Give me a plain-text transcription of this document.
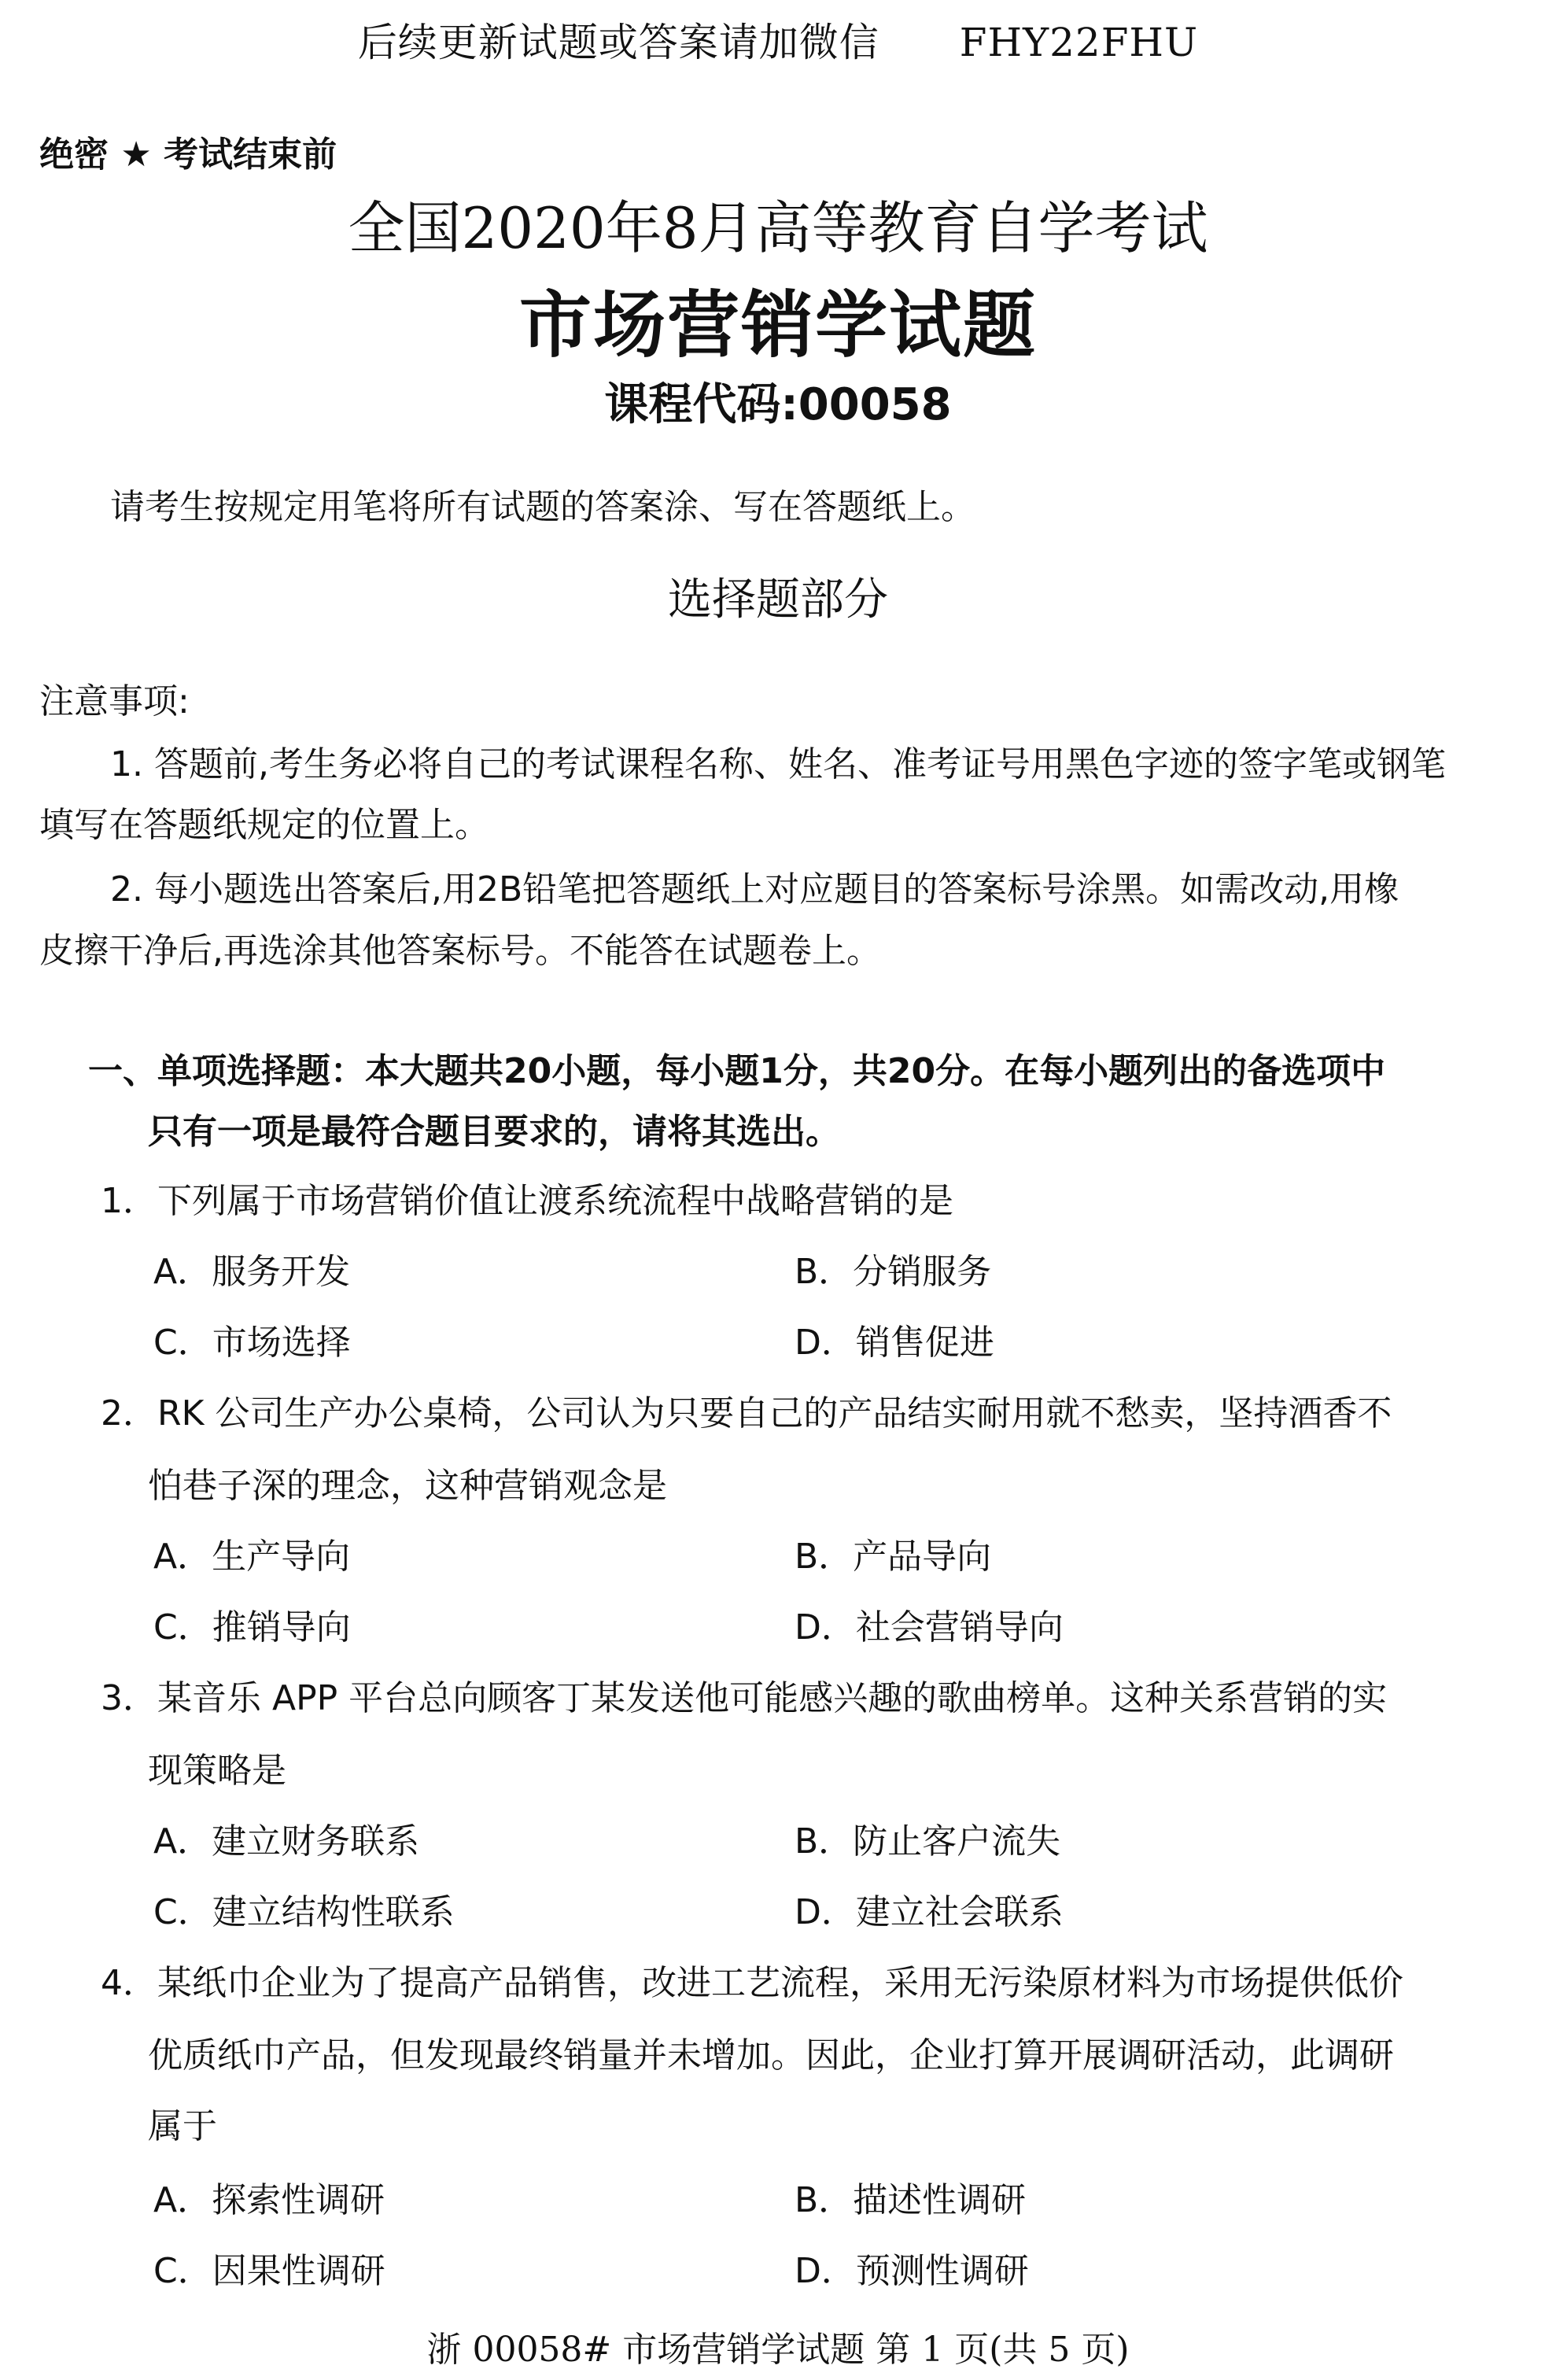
后续更新试题或答案请加微信　　FHY22FHU
绝密 ★ 考试结束前
全国2020年8月高等教育自学考试
市场营销学试题
课程代码:00058
请考生按规定用笔将所有试题的答案涂、写在答题纸上。
选择题部分
注意事项:
1. 答题前,考生务必将自己的考试课程名称、姓名、准考证号用黑色字迹的签字笔或钢笔
填写在答题纸规定的位置上。
2. 每小题选出答案后,用2B铅笔把答题纸上对应题目的答案标号涂黑。如需改动,用橡
皮擦干净后,再选涂其他答案标号。不能答在试题卷上。
一、单项选择题：本大题共20小题，每小题1分，共20分。在每小题列出的备选项中
只有一项是最符合题目要求的，请将其选出。
1．下列属于市场营销价值让渡系统流程中战略营销的是
A．服务开发	B．分销服务
C．市场选择	D．销售促进
2．RK 公司生产办公桌椅，公司认为只要自己的产品结实耐用就不愁卖，坚持酒香不
怕巷子深的理念，这种营销观念是
A．生产导向	B．产品导向
C．推销导向	D．社会营销导向
3．某音乐 APP 平台总向顾客丁某发送他可能感兴趣的歌曲榜单。这种关系营销的实
现策略是
A．建立财务联系	B．防止客户流失
C．建立结构性联系	D．建立社会联系
4．某纸巾企业为了提高产品销售，改进工艺流程，采用无污染原材料为市场提供低价
优质纸巾产品，但发现最终销量并未增加。因此，企业打算开展调研活动，此调研
属于
A．探索性调研	B．描述性调研
C．因果性调研	D．预测性调研
浙 00058# 市场营销学试题 第 1 页(共 5 页)
